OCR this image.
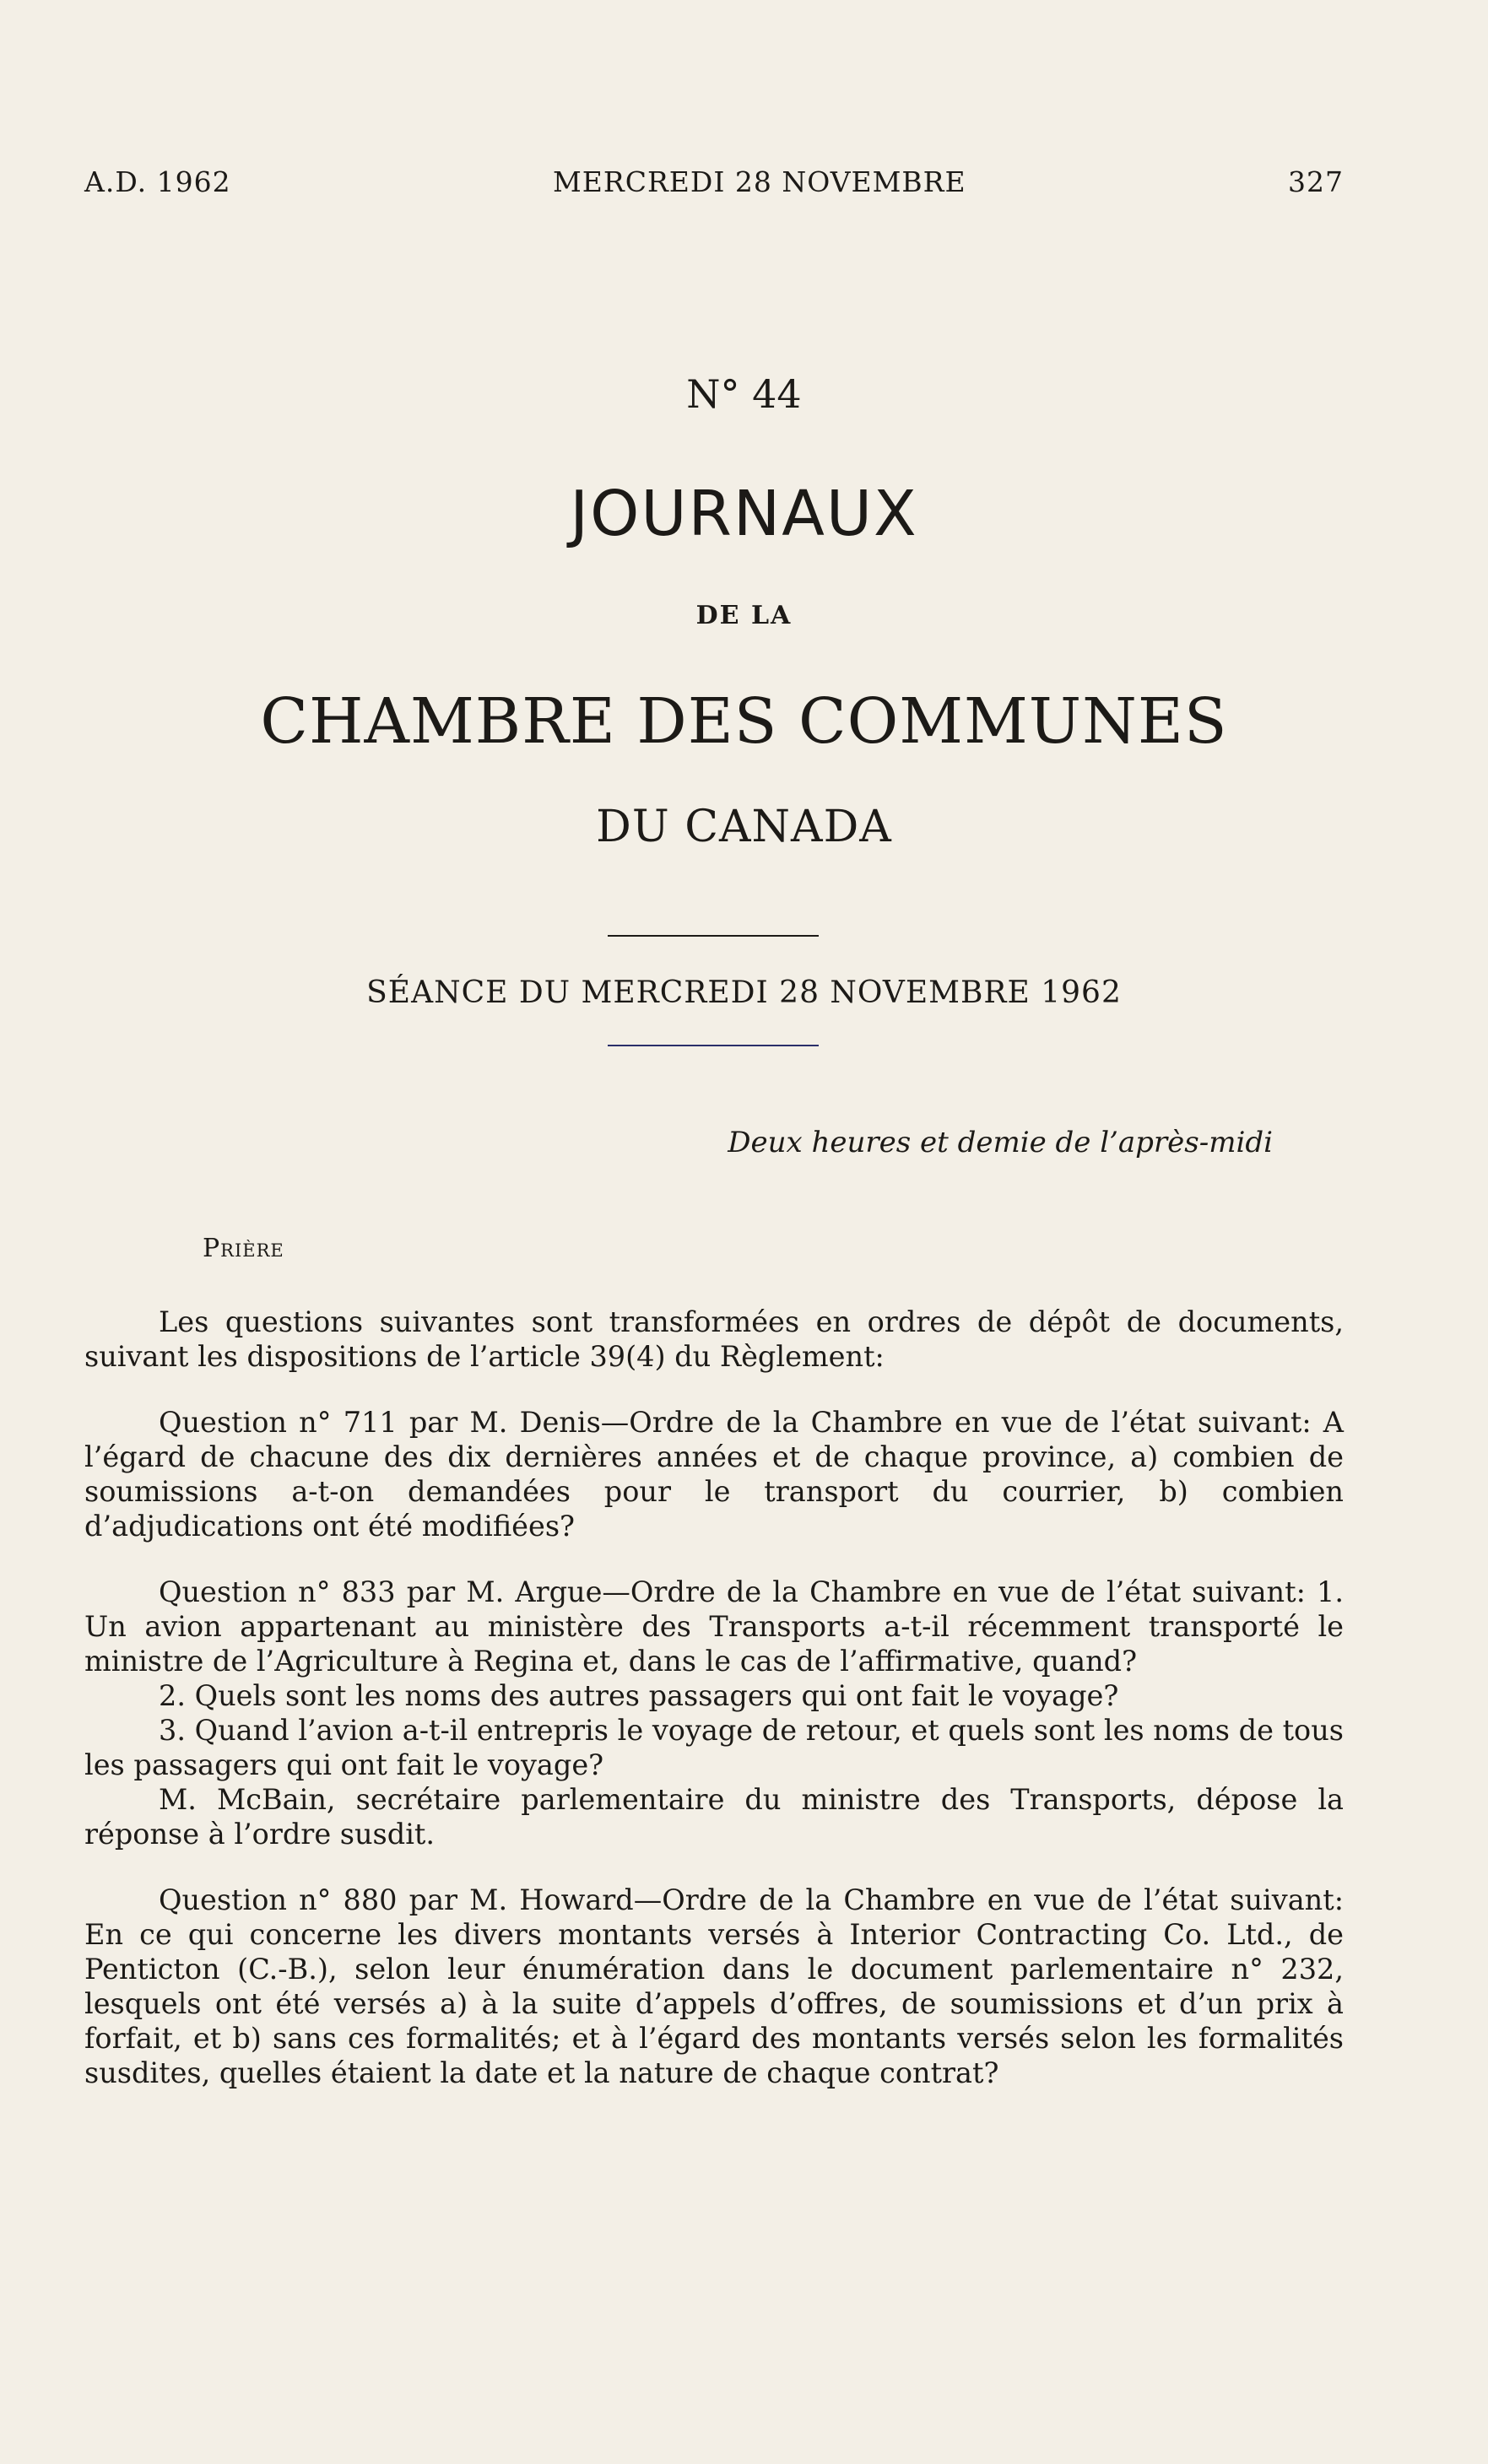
A.D. 1962	MERCREDI 28 NOVEMBRE	327
N° 44
JOURNAUX
DE LA
CHAMBRE DES COMMUNES
DU CANADA
SÉANCE DU MERCREDI 28 NOVEMBRE 1962
Deux heures et demie de l’après-midi
Prière

Les questions suivantes sont transformées en ordres de dépôt de documents, suivant les dispositions de l’article 39(4) du Règlement:

Question n° 711 par M. Denis—Ordre de la Chambre en vue de l’état suivant: A l’égard de chacune des dix dernières années et de chaque province, a) combien de soumissions a-t-on demandées pour le transport du courrier, b) combien d’adjudications ont été modifiées?

Question n° 833 par M. Argue—Ordre de la Chambre en vue de l’état suivant: 1. Un avion appartenant au ministère des Transports a-t-il récemment transporté le ministre de l’Agriculture à Regina et, dans le cas de l’affirmative, quand?

2. Quels sont les noms des autres passagers qui ont fait le voyage?

3. Quand l’avion a-t-il entrepris le voyage de retour, et quels sont les noms de tous les passagers qui ont fait le voyage?

M. McBain, secrétaire parlementaire du ministre des Transports, dépose la réponse à l’ordre susdit.

Question n° 880 par M. Howard—Ordre de la Chambre en vue de l’état suivant: En ce qui concerne les divers montants versés à Interior Contracting Co. Ltd., de Penticton (C.-B.), selon leur énumération dans le document parlementaire n° 232, lesquels ont été versés a) à la suite d’appels d’offres, de soumissions et d’un prix à forfait, et b) sans ces formalités; et à l’égard des montants versés selon les formalités susdites, quelles étaient la date et la nature de chaque contrat?
